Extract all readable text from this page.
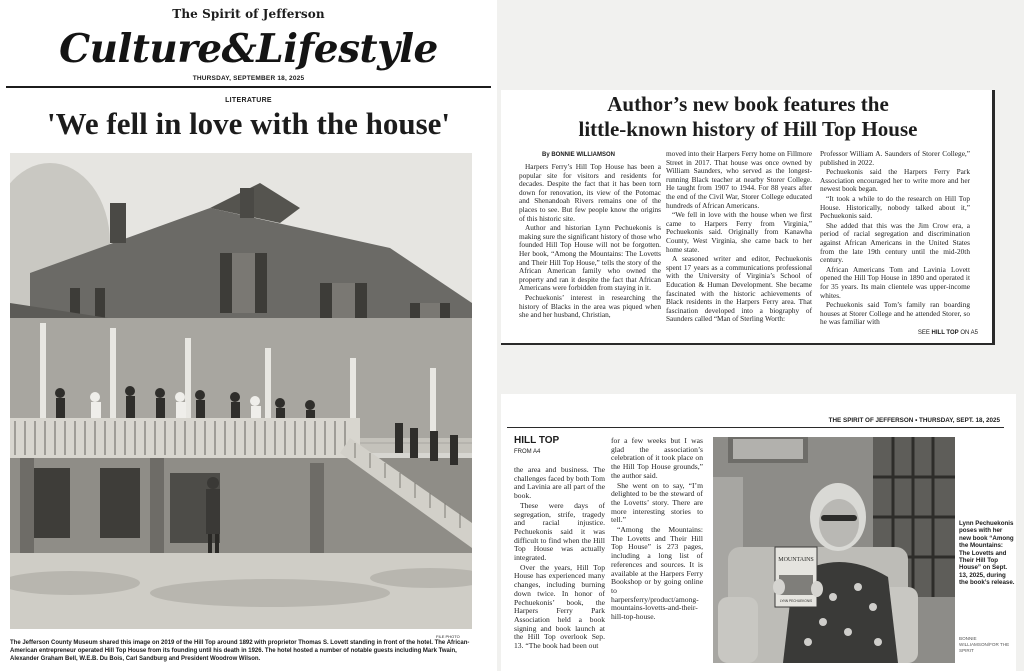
The Spirit of Jefferson
Culture&Lifestyle
THURSDAY, SEPTEMBER 18, 2025
LITERATURE
'We fell in love with the house'
FILE PHOTO
The Jefferson County Museum shared this image on 2019 of the Hill Top around 1892 with proprietor Thomas S. Lovett standing in front of the hotel. The African-American entrepreneur operated Hill Top House from its founding until his death in 1926. The hotel hosted a number of notable guests including Mark Twain, Alexander Graham Bell, W.E.B. Du Bois, Carl Sandburg and President Woodrow Wilson.
Author’s new book features the
little-known history of Hill Top House
By BONNIE WILLIAMSON

Harpers Ferry’s Hill Top House has been a popular site for visitors and residents for decades. Despite the fact that it has been torn down for renovation, its view of the Potomac and Shenandoah Rivers remains one of the places to see. But few people know the origins of this historic site.

Author and historian Lynn Pechuekonis is making sure the significant history of those who founded Hill Top House will not be forgotten. Her book, “Among the Mountains: The Lovetts and Their Hill Top House,” tells the story of the African American family who owned the property and ran it despite the fact that African Americans were forbidden from staying in it.

Pechuekonis’ interest in researching the history of Blacks in the area was piqued when she and her husband, Christian,

moved into their Harpers Ferry home on Fillmore Street in 2017. That house was once owned by William Saunders, who served as the longest-running Black teacher at nearby Storer College. He taught from 1907 to 1944. For 88 years after the end of the Civil War, Storer College educated hundreds of African Americans.

“We fell in love with the house when we first came to Harpers Ferry from Virginia,” Pechuekonis said. Originally from Kanawha County, West Virginia, she came back to her home state.

A seasoned writer and editor, Pechuekonis spent 17 years as a communications professional with the University of Virginia’s School of Education & Human Development. She became fascinated with the historic achievements of Black residents in the Harpers Ferry area. That fascination developed into a biography of Saunders called “Man of Sterling Worth:

Professor William A. Saunders of Storer College,” published in 2022.

Pechuekonis said the Harpers Ferry Park Association encouraged her to write more and her newest book began.

“It took a while to do the research on Hill Top House. Historically, nobody talked about it,” Pechuekonis said.

She added that this was the Jim Crow era, a period of racial segregation and discrimination against African Americans in the United States from the late 19th century until the mid-20th century.

African Americans Tom and Lavinia Lovett opened the Hill Top House in 1890 and operated it for 35 years. Its main clientele was upper-income whites.

Pechuekonis said Tom’s family ran boarding houses at Storer College and he attended Storer, so he was familiar with

SEE HILL TOP ON A5
THE SPIRIT OF JEFFERSON • THURSDAY, SEPT. 18, 2025
HILL TOP
FROM A4

the area and business. The challenges faced by both Tom and Lavinia are all part of the book.

These were days of segregation, strife, tragedy and racial injustice. Pechuekonis said it was difficult to find when the Hill Top House was actually integrated.

Over the years, Hill Top House has experienced many changes, including burning down twice. In honor of Pechuekonis’ book, the Harpers Ferry Park Association held a book signing and book launch at the Hill Top overlook Sep. 13. “The book had been out

for a few weeks but I was glad the association’s celebration of it took place on the Hill Top House grounds,” the author said.

She went on to say, “I’m delighted to be the steward of the Lovetts’ story. There are more interesting stories to tell.”

“Among the Mountains: The Lovetts and Their Hill Top House” is 273 pages, including a long list of references and sources. It is available at the Harpers Ferry Bookshop or by going online to harpersferry/product/among-mountains-lovetts-and-their-hill-top-house.

MOUNTAINS
LYNN PECHUEKONIS
Lynn Pechuekonis poses with her new book “Among the Mountains: The Lovetts and Their Hill Top House” on Sept. 13, 2025, during the book’s release.
BONNIE WILLIAMSON/FOR THE SPIRIT
